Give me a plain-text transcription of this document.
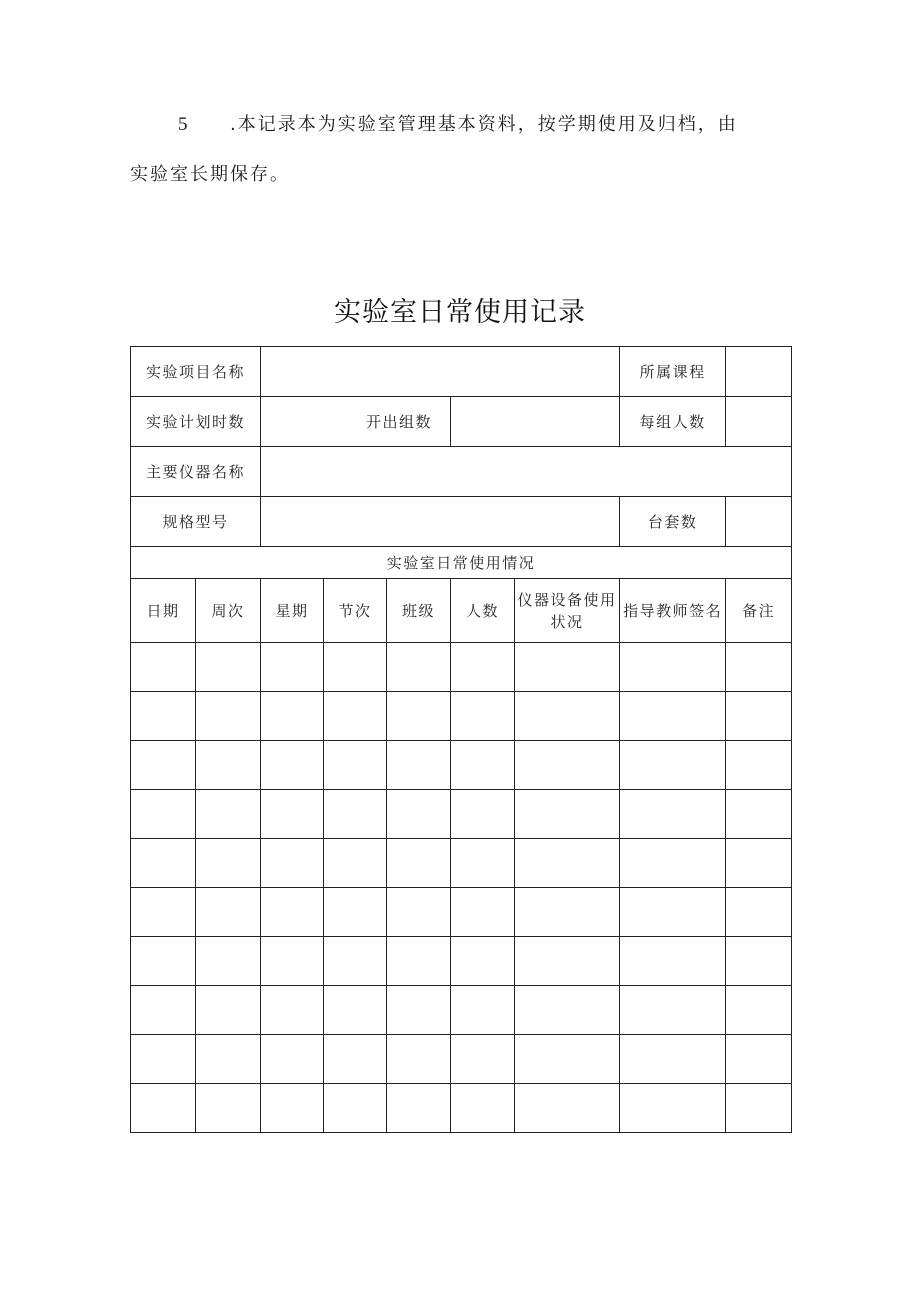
5 .本记录本为实验室管理基本资料，按学期使用及归档，由
实验室长期保存。
实验室日常使用记录
实验项目名称							所属课程	
实验计划时数		开出组数					每组人数	
主要仪器名称								
规格型号							台套数	
实验室日常使用情况								
日期	周次	星期	节次	班级	人数	仪器设备使用状况	指导教师签名	备注
